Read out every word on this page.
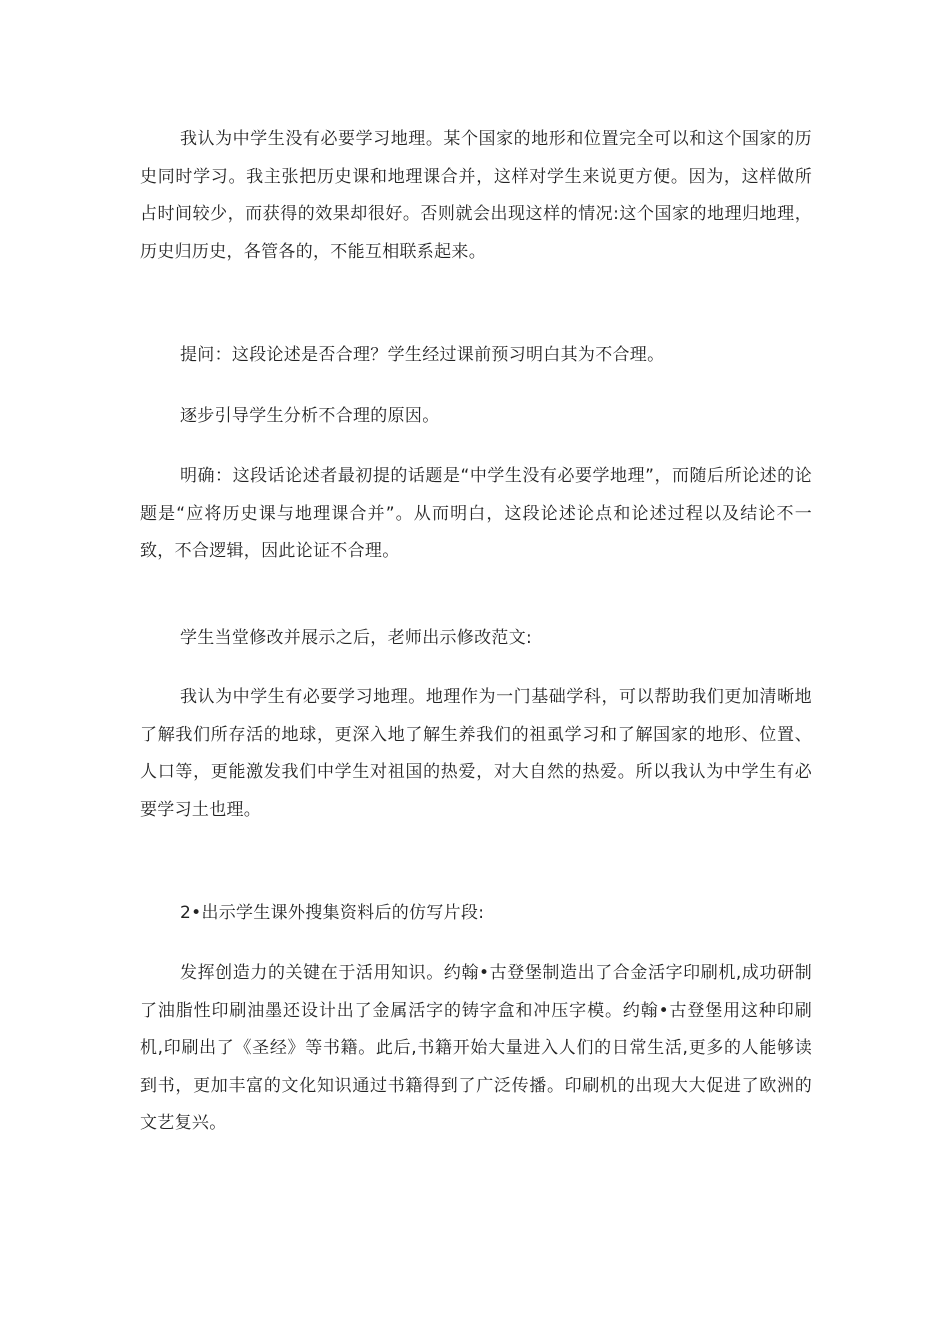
我认为中学生没有必要学习地理。某个国家的地形和位置完全可以和这个国家的历史同时学习。我主张把历史课和地理课合并，这样对学生来说更方便。因为，这样做所占时间较少，而获得的效果却很好。否则就会出现这样的情况:这个国家的地理归地理，历史归历史，各管各的，不能互相联系起来。
提问：这段论述是否合理？学生经过课前预习明白其为不合理。
逐步引导学生分析不合理的原因。
明确：这段话论述者最初提的话题是“中学生没有必要学地理”，而随后所论述的论题是“应将历史课与地理课合并”。从而明白，这段论述论点和论述过程以及结论不一致，不合逻辑，因此论证不合理。
学生当堂修改并展示之后，老师出示修改范文:
我认为中学生有必要学习地理。地理作为一门基础学科，可以帮助我们更加清晰地了解我们所存活的地球，更深入地了解生养我们的祖虱学习和了解国家的地形、位置、人口等，更能激发我们中学生对祖国的热爱，对大自然的热爱。所以我认为中学生有必要学习土也理。
2•出示学生课外搜集资料后的仿写片段:
发挥创造力的关键在于活用知识。约翰•古登堡制造出了合金活字印刷机,成功研制了油脂性印刷油墨还设计出了金属活字的铸字盒和冲压字模。约翰•古登堡用这种印刷机,印刷出了《圣经》等书籍。此后,书籍开始大量进入人们的日常生活,更多的人能够读到书，更加丰富的文化知识通过书籍得到了广泛传播。印刷机的出现大大促进了欧洲的文艺复兴。
